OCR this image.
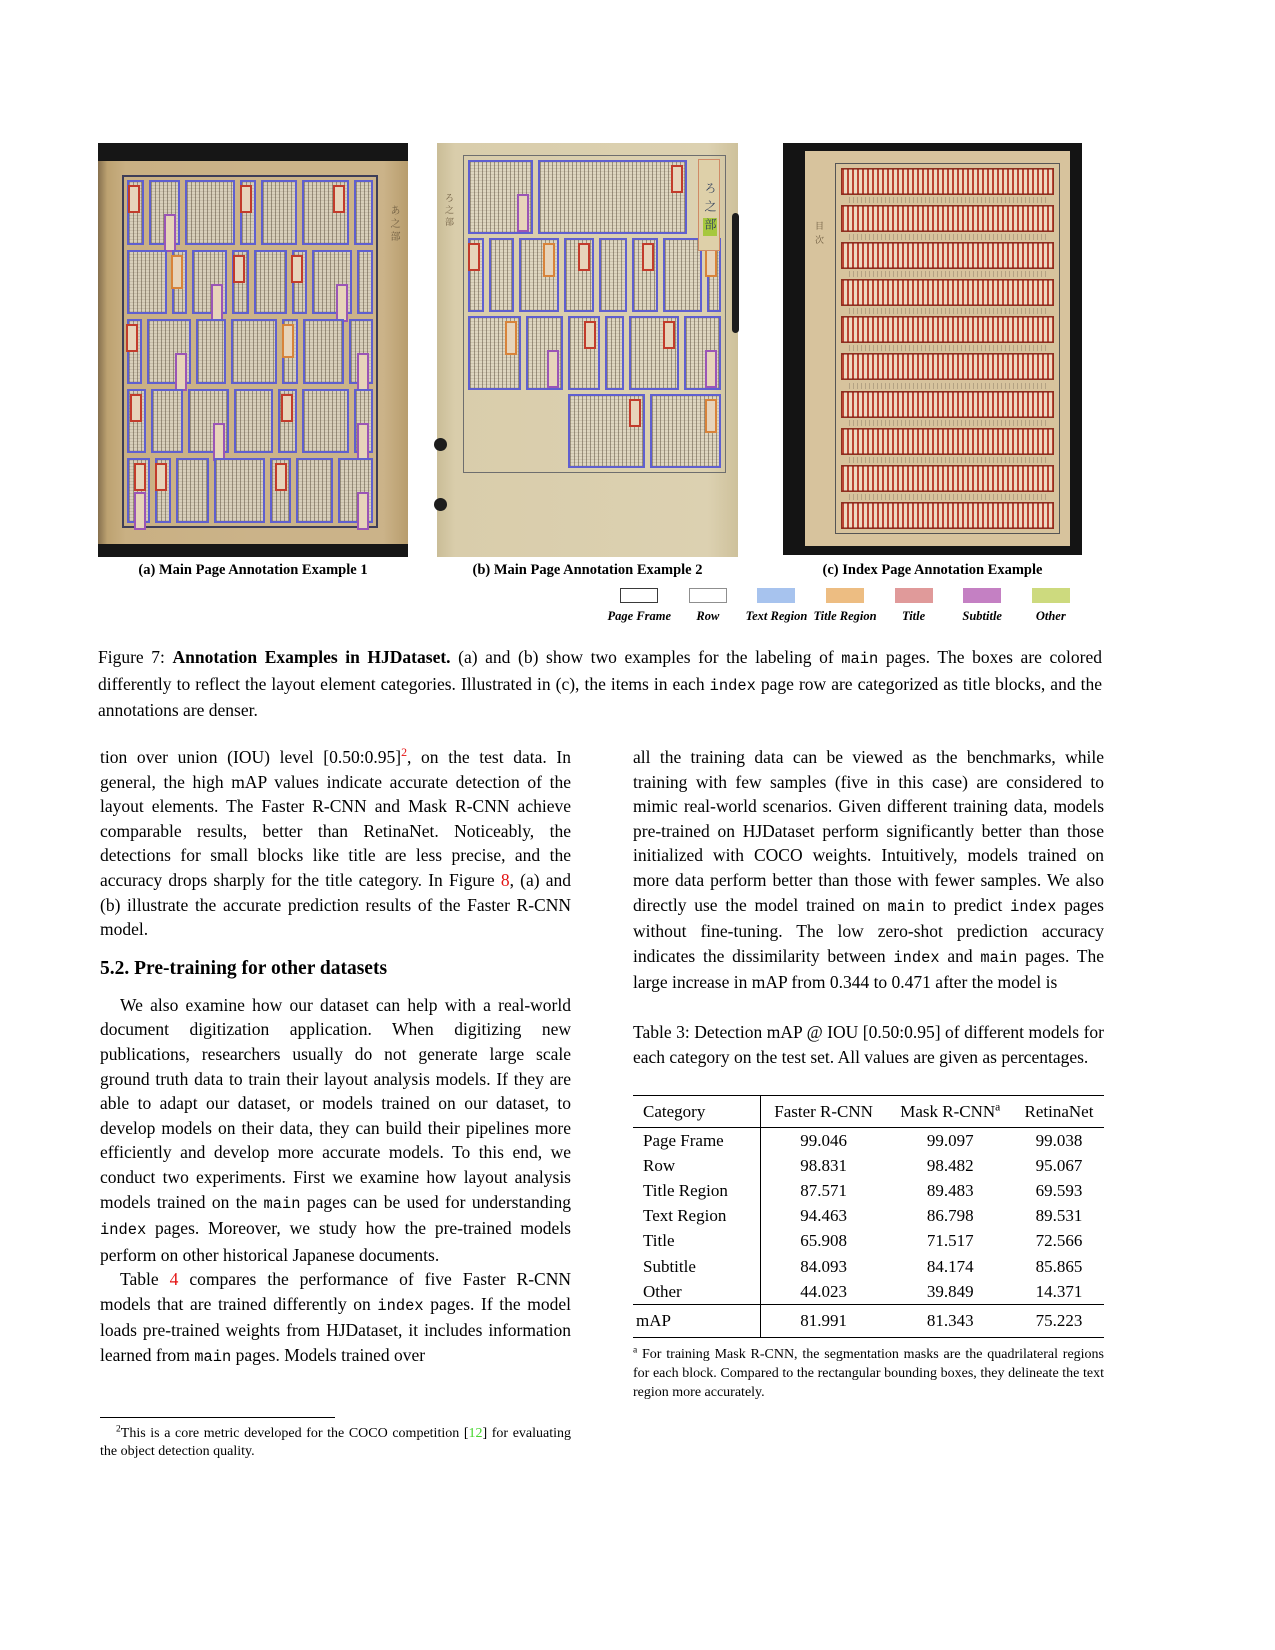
あ之部
ろ之部
ろ之部
目次
(a) Main Page Annotation Example 1	(b) Main Page Annotation Example 2	(c) Index Page Annotation Example
Page Frame Row Text Region Title Region Title	Subtitle	Other

Figure 7: Annotation Examples in HJDataset. (a) and (b) show two examples for the labeling of main pages. The boxes are colored differently to reflect the layout element categories. Illustrated in (c), the items in each index page row are categorized as title blocks, and the annotations are denser.

tion over union (IOU) level [0.50:0.95]$^2$, on the test data. In general, the high mAP values indicate accurate detection of the layout elements. The Faster R-CNN and Mask R-CNN achieve comparable results, better than RetinaNet. Noticeably, the detections for small blocks like title are less precise, and the accuracy drops sharply for the title category. In Figure 8, (a) and (b) illustrate the accurate prediction results of the Faster R-CNN model.

5.2. Pre-training for other datasets

We also examine how our dataset can help with a real-world document digitization application. When digitizing new publications, researchers usually do not generate large scale ground truth data to train their layout analysis models. If they are able to adapt our dataset, or models trained on our dataset, to develop models on their data, they can build their pipelines more efficiently and develop more accurate models. To this end, we conduct two experiments. First we examine how layout analysis models trained on the main pages can be used for understanding index pages. Moreover, we study how the pre-trained models perform on other historical Japanese documents.

Table 4 compares the performance of five Faster R-CNN models that are trained differently on index pages. If the model loads pre-trained weights from HJDataset, it includes information learned from main pages. Models trained over

$^2$This is a core metric developed for the COCO competition [12] for evaluating the object detection quality.

all the training data can be viewed as the benchmarks, while training with few samples (five in this case) are considered to mimic real-world scenarios. Given different training data, models pre-trained on HJDataset perform significantly better than those initialized with COCO weights. Intuitively, models trained on more data perform better than those with fewer samples. We also directly use the model trained on main to predict index pages without fine-tuning. The low zero-shot prediction accuracy indicates the dissimilarity between index and main pages. The large increase in mAP from 0.344 to 0.471 after the model is

Table 3: Detection mAP @ IOU [0.50:0.95] of different models for each category on the test set. All values are given as percentages.

Category	Faster R-CNN	Mask R-CNN$^a$	RetinaNet
Page Frame	99.046	99.097	99.038
Row	98.831	98.482	95.067
Title Region	87.571	89.483	69.593
Text Region	94.463	86.798	89.531
Title	65.908	71.517	72.566
Subtitle	84.093	84.174	85.865
Other	44.023	39.849	14.371
mAP	81.991	81.343	75.223

$^a$ For training Mask R-CNN, the segmentation masks are the quadrilateral regions for each block. Compared to the rectangular bounding boxes, they delineate the text region more accurately.
